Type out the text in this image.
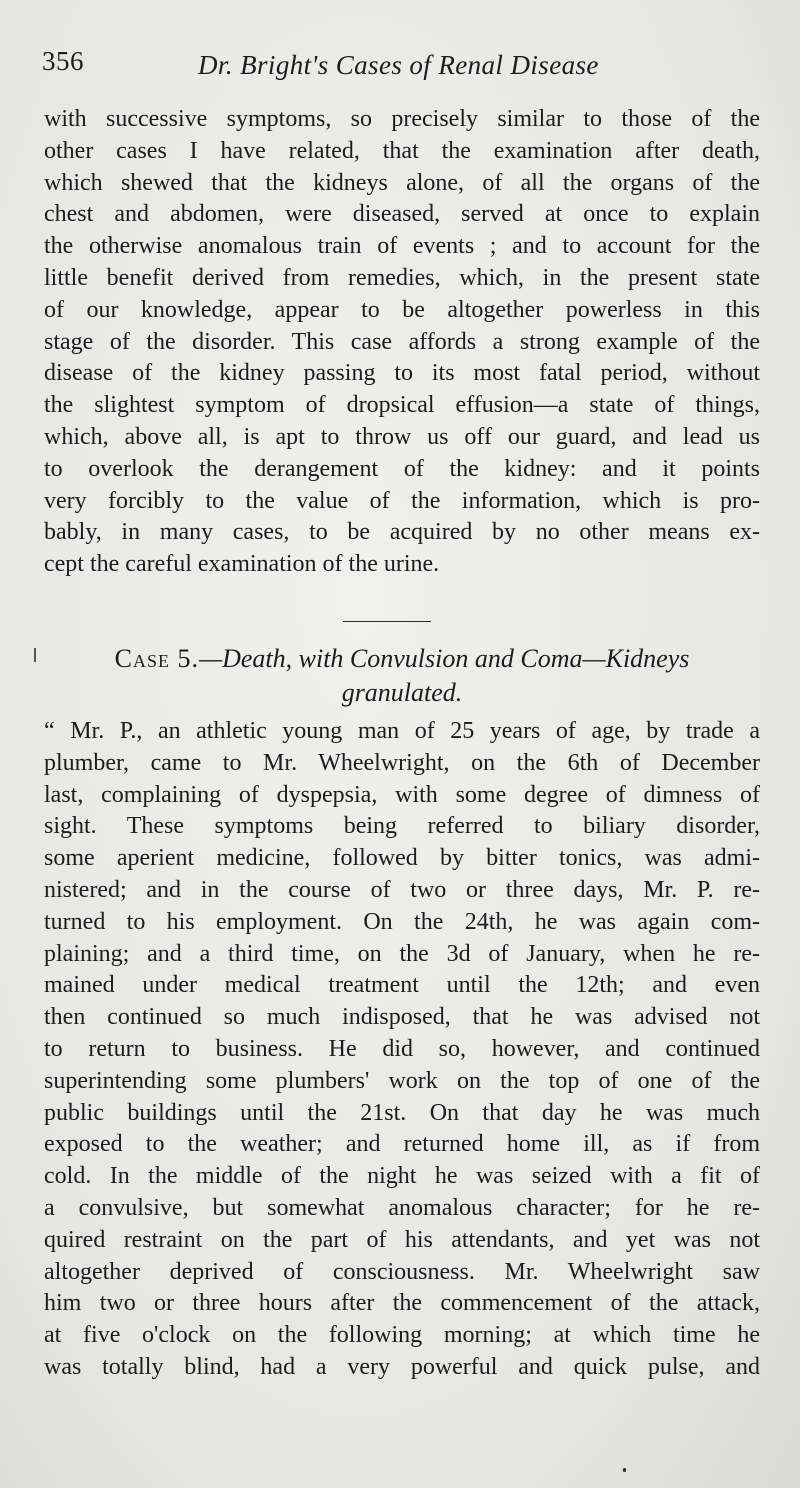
356	Dr. Bright's Cases of Renal Disease
with successive symptoms, so precisely similar to those of the
other cases I have related, that the examination after death,
which shewed that the kidneys alone, of all the organs of the
chest and abdomen, were diseased, served at once to explain
the otherwise anomalous train of events ; and to account for the
little benefit derived from remedies, which, in the present state
of our knowledge, appear to be altogether powerless in this
stage of the disorder. This case affords a strong example of the
disease of the kidney passing to its most fatal period, without
the slightest symptom of dropsical effusion—a state of things,
which, above all, is apt to throw us off our guard, and lead us
to overlook the derangement of the kidney: and it points
very forcibly to the value of the information, which is pro-
bably, in many cases, to be acquired by no other means ex-
cept the careful examination of the urine.
Case 5.—Death, with Convulsion and Coma—Kidneys
granulated.
“ Mr. P., an athletic young man of 25 years of age, by trade a
plumber, came to Mr. Wheelwright, on the 6th of December
last, complaining of dyspepsia, with some degree of dimness of
sight. These symptoms being referred to biliary disorder,
some aperient medicine, followed by bitter tonics, was admi-
nistered; and in the course of two or three days, Mr. P. re-
turned to his employment. On the 24th, he was again com-
plaining; and a third time, on the 3d of January, when he re-
mained under medical treatment until the 12th; and even
then continued so much indisposed, that he was advised not
to return to business. He did so, however, and continued
superintending some plumbers' work on the top of one of the
public buildings until the 21st. On that day he was much
exposed to the weather; and returned home ill, as if from
cold. In the middle of the night he was seized with a fit of
a convulsive, but somewhat anomalous character; for he re-
quired restraint on the part of his attendants, and yet was not
altogether deprived of consciousness. Mr. Wheelwright saw
him two or three hours after the commencement of the attack,
at five o'clock on the following morning; at which time he
was totally blind, had a very powerful and quick pulse, and
